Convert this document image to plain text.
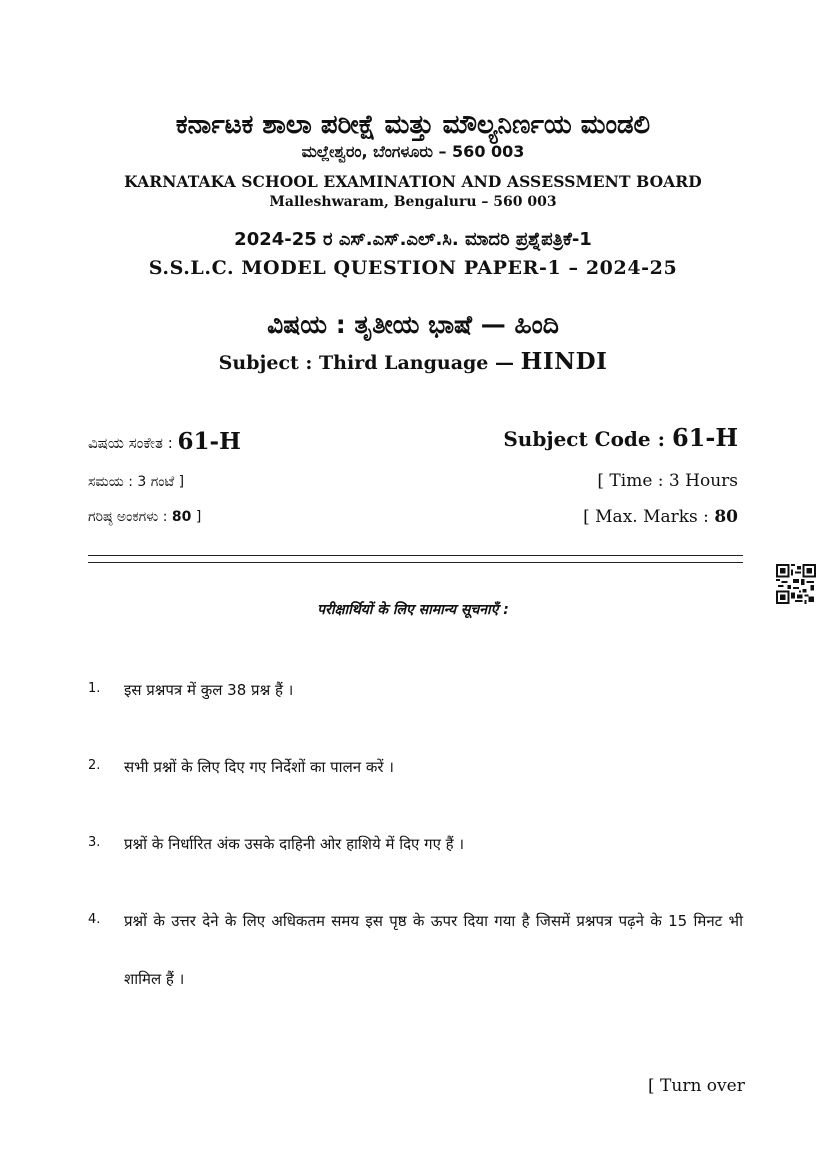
ಕರ್ನಾಟಕ ಶಾಲಾ ಪರೀಕ್ಷೆ ಮತ್ತು ಮೌಲ್ಯನಿರ್ಣಯ ಮಂಡಲಿ
ಮಲ್ಲೇಶ್ವರಂ, ಬೆಂಗಳೂರು – 560 003
KARNATAKA SCHOOL EXAMINATION AND ASSESSMENT BOARD
Malleshwaram, Bengaluru – 560 003
2024-25 ರ ಎಸ್.ಎಸ್.ಎಲ್.ಸಿ. ಮಾದರಿ ಪ್ರಶ್ನೆಪತ್ರಿಕೆ-1
S.S.L.C. MODEL QUESTION PAPER-1 – 2024-25
ವಿಷಯ : ತೃತೀಯ ಭಾಷೆ — ಹಿಂದಿ
Subject : Third Language — HINDI
ವಿಷಯ ಸಂಕೇತ : 61-H	Subject Code : 61-H
ಸಮಯ : 3 ಗಂಟೆ ]	[ Time : 3 Hours
ಗರಿಷ್ಠ ಅಂಕಗಳು : 80 ]	[ Max. Marks : 80
परीक्षार्थियों के लिए सामान्य सूचनाएँ :
1. इस प्रश्नपत्र में कुल 38 प्रश्न हैं ।
2. सभी प्रश्नों के लिए दिए गए निर्देशों का पालन करें ।
3. प्रश्नों के निर्धारित अंक उसके दाहिनी ओर हाशिये में दिए गए हैं ।
4. प्रश्नों के उत्तर देने के लिए अधिकतम समय इस पृष्ठ के ऊपर दिया गया है जिसमें प्रश्नपत्र पढ़ने के 15 मिनट भी शामिल हैं ।
[ Turn over
